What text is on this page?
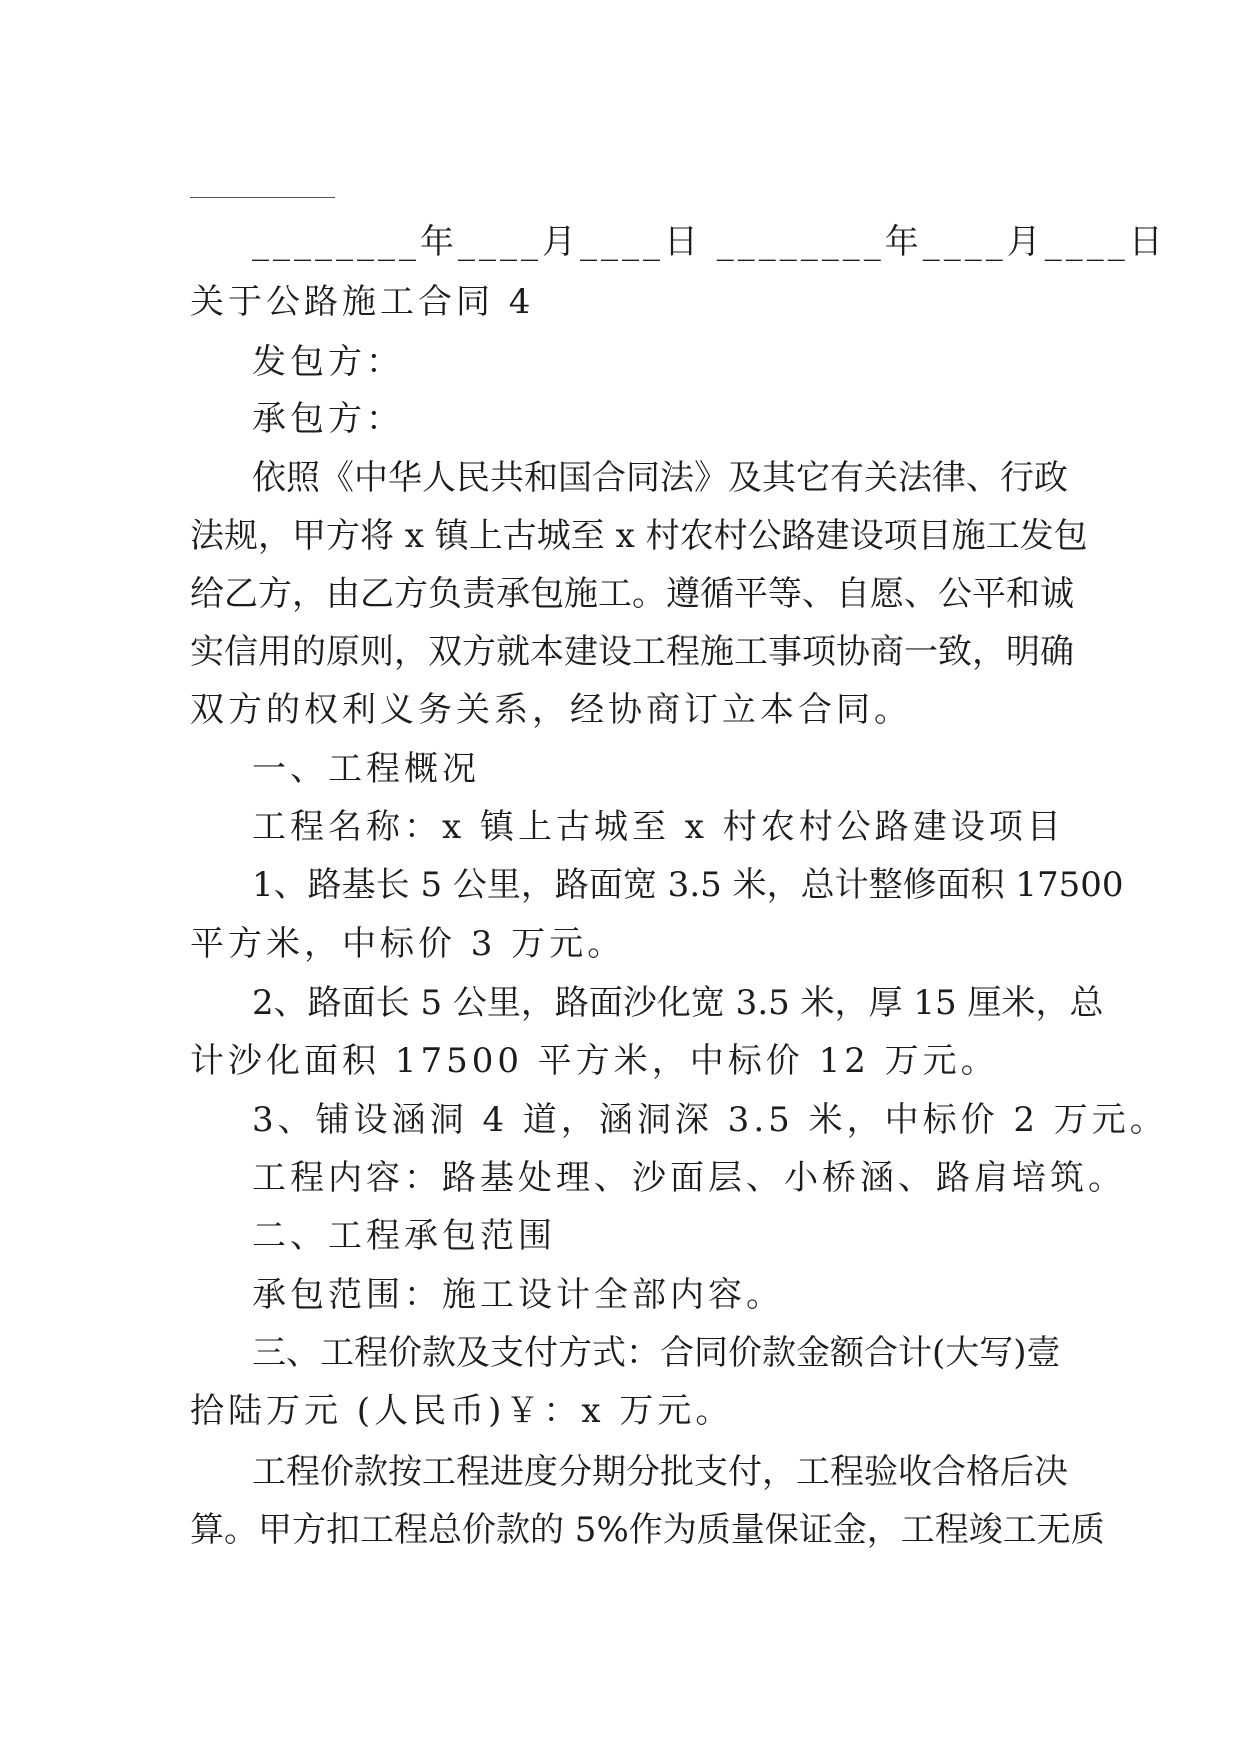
________年____月____日 ________年____月____日
关于公路施工合同 4
发包方：
承包方：
依照《中华人民共和国合同法》及其它有关法律、行政
法规，甲方将 x 镇上古城至 x 村农村公路建设项目施工发包
给乙方，由乙方负责承包施工。遵循平等、自愿、公平和诚
实信用的原则，双方就本建设工程施工事项协商一致，明确
双方的权利义务关系，经协商订立本合同。
一、工程概况
工程名称：x 镇上古城至 x 村农村公路建设项目
1、路基长 5 公里，路面宽 3.5 米，总计整修面积 17500
平方米，中标价 3 万元。
2、路面长 5 公里，路面沙化宽 3.5 米，厚 15 厘米，总
计沙化面积 17500 平方米，中标价 12 万元。
3、铺设涵洞 4 道，涵洞深 3.5 米，中标价 2 万元。
工程内容：路基处理、沙面层、小桥涵、路肩培筑。
二、工程承包范围
承包范围：施工设计全部内容。
三、工程价款及支付方式：合同价款金额合计(大写)壹
拾陆万元 (人民币)￥：x 万元。
工程价款按工程进度分期分批支付，工程验收合格后决
算。甲方扣工程总价款的 5%作为质量保证金，工程竣工无质
